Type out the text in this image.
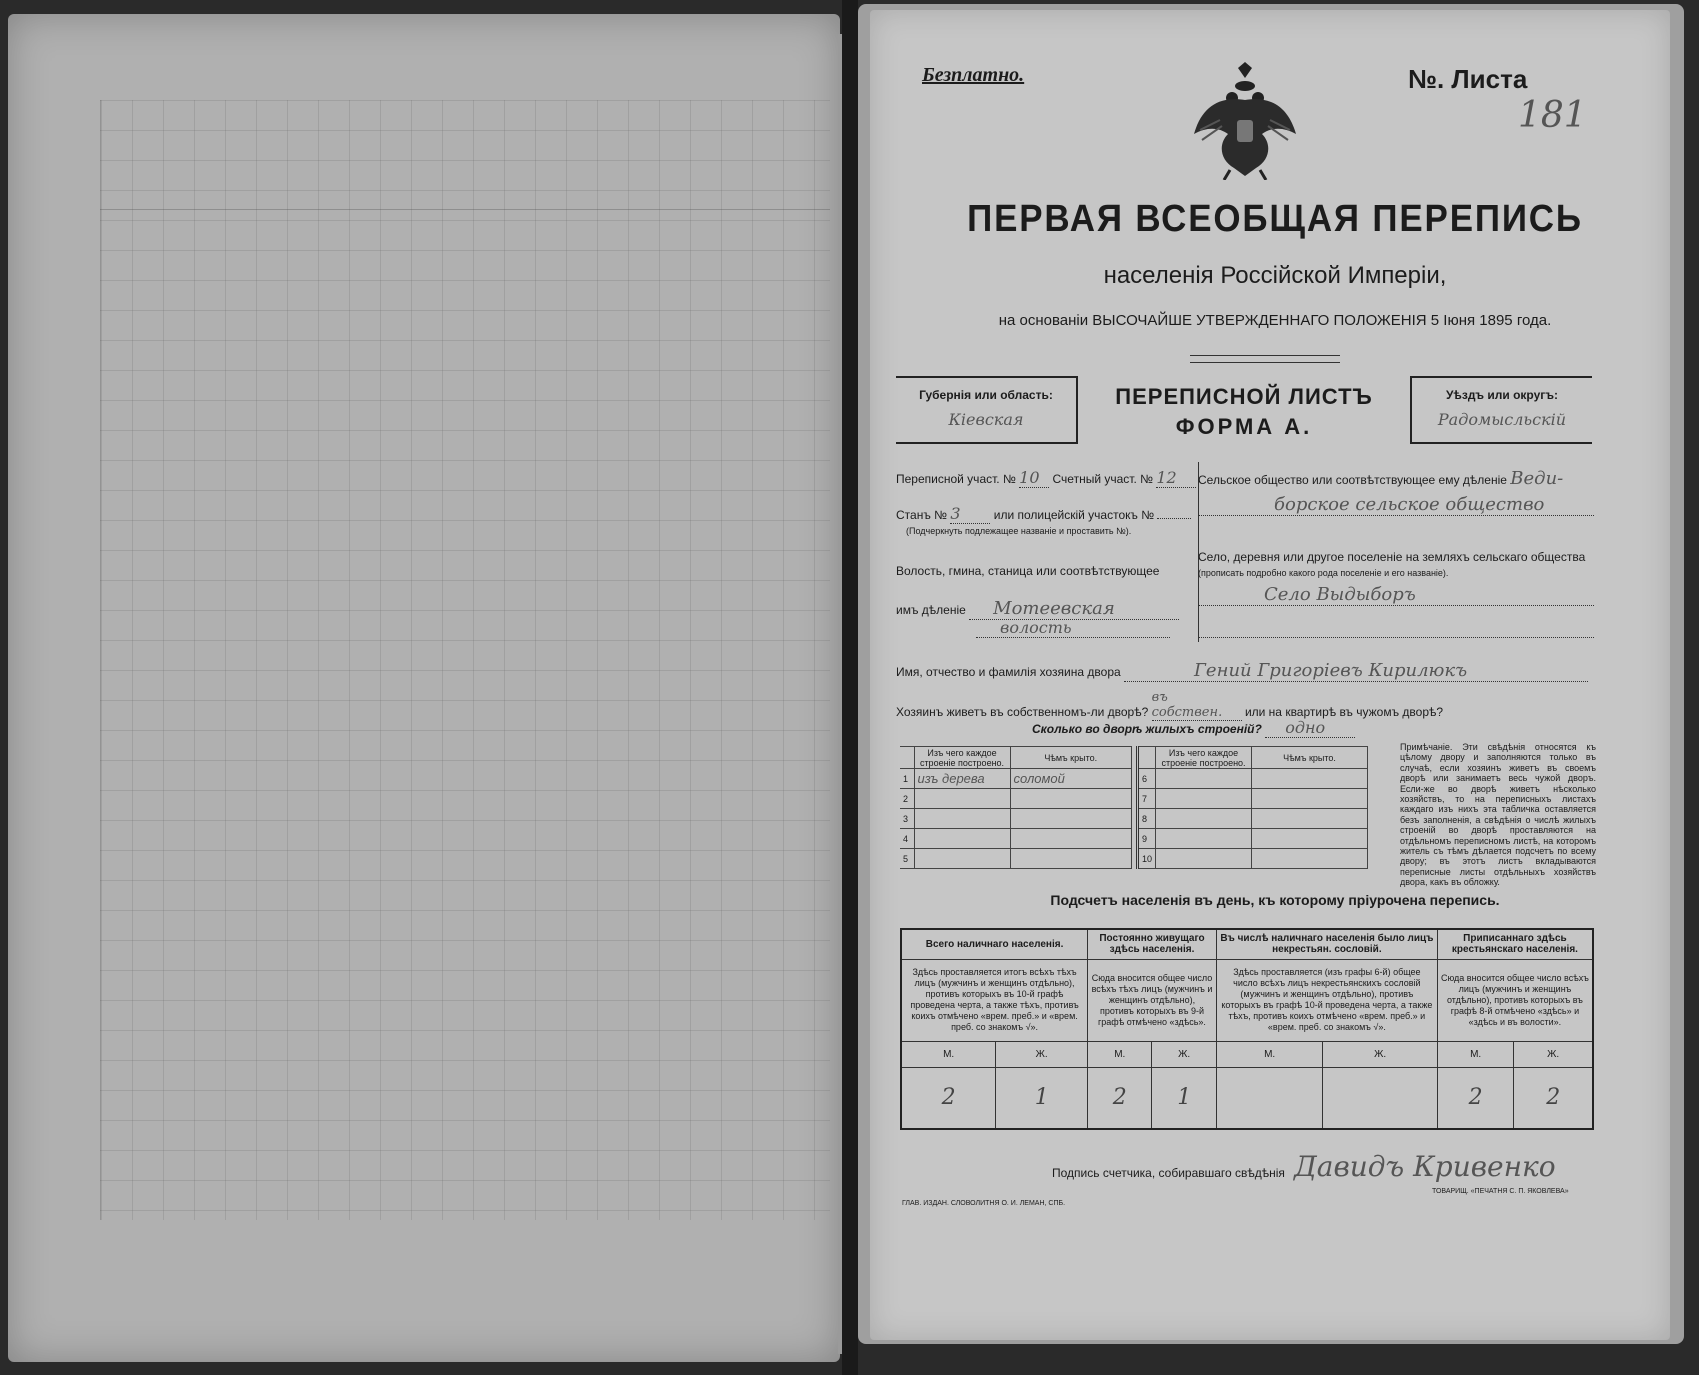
Безплатно.	№. Листа
181
ПЕРВАЯ ВСЕОБЩАЯ ПЕРЕПИСЬ
населенія Россійской Имперіи,
на основаніи ВЫСОЧАЙШЕ УТВЕРЖДЕННАГО ПОЛОЖЕНІЯ 5 Іюня 1895 года.
Губернія или область:
Кіевская
ПЕРЕПИСНОЙ ЛИСТЪ
ФОРМА А.
Уѣздъ или округъ:
Радомысльскій
Переписной участ. № 10 Счетный участ. № 12
Станъ № 3	или полицейскій участокъ №
(Подчеркнуть подлежащее названіе и проставить №).
Волость, гмина, станица или соотвѣтствующее
имъ дѣленіе Мотеевская
волость
Сельское общество или соотвѣтствующее ему дѣленіе Веди-
борское сельское общество
Село, деревня или другое поселеніе на земляхъ сельскаго общества
(прописать подробно какого рода поселеніе и его названіе).
Село Выдыборъ
Имя, отчество и фамилія хозяина двора	Гений Григоріевъ Кирилюкъ
Хозяинъ живетъ въ собственномъ-ли дворѣ? въ собствен. или на квартирѣ въ чужомъ дворѣ?
Сколько во дворѣ жилыхъ строеній? одно
	Изъ чего каждое строеніе построено.	Чѣмъ крыто.
1	изъ дерева	соломой
2		
3		
4		
5		
	Изъ чего каждое строеніе построено.	Чѣмъ крыто.
6		
7		
8		
9		
10		
Примѣчаніе. Эти свѣдѣнія относятся къ цѣлому двору и заполняются только въ случаѣ, если хозяинъ живетъ въ своемъ дворѣ или занимаетъ весь чужой дворъ. Если-же во дворѣ живетъ нѣсколько хозяйствъ, то на переписныхъ листахъ каждаго изъ нихъ эта табличка оставляется безъ заполненія, а свѣдѣнія о числѣ жилыхъ строеній во дворѣ проставляются на отдѣльномъ переписномъ листѣ, на которомъ житель съ тѣмъ дѣлается подсчетъ по всему двору; въ этотъ листъ вкладываются переписные листы отдѣльныхъ хозяйствъ двора, какъ въ обложку.
Подсчетъ населенія въ день, къ которому пріурочена перепись.
Всего наличнаго населенія.		Постоянно живущаго здѣсь населенія.		Въ числѣ наличнаго населенія было лицъ некрестьян. сословій.		Приписаннаго здѣсь крестьянскаго населенія.	
Здѣсь проставляется итогъ всѣхъ тѣхъ лицъ (мужчинъ и женщинъ отдѣльно), противъ которыхъ въ 10-й графѣ проведена черта, а также тѣхъ, противъ коихъ отмѣчено «врем. преб.» и «врем. преб. со знакомъ √».		Сюда вносится общее число всѣхъ тѣхъ лицъ (мужчинъ и женщинъ отдѣльно), противъ которыхъ въ 9-й графѣ отмѣчено «здѣсь».		Здѣсь проставляется (изъ графы 6-й) общее число всѣхъ лицъ некрестьянскихъ сословій (мужчинъ и женщинъ отдѣльно), противъ которыхъ въ графѣ 10-й проведена черта, а также тѣхъ, противъ коихъ отмѣчено «врем. преб.» и «врем. преб. со знакомъ √».		Сюда вносится общее число всѣхъ лицъ (мужчинъ и женщинъ отдѣльно), противъ которыхъ въ графѣ 8-й отмѣчено «здѣсь» и «здѣсь и въ волости».	
М.	Ж.	М.	Ж.	М.	Ж.	М.	Ж.
2	1	2	1			2	2
Подпись счетчика, собиравшаго свѣдѣнія Давидъ Кривенко
ГЛАВ. ИЗДАН. СЛОВОЛИТНЯ О. И. ЛЕМАН, СПБ.
ТОВАРИЩ. «ПЕЧАТНЯ С. П. ЯКОВЛЕВА»
